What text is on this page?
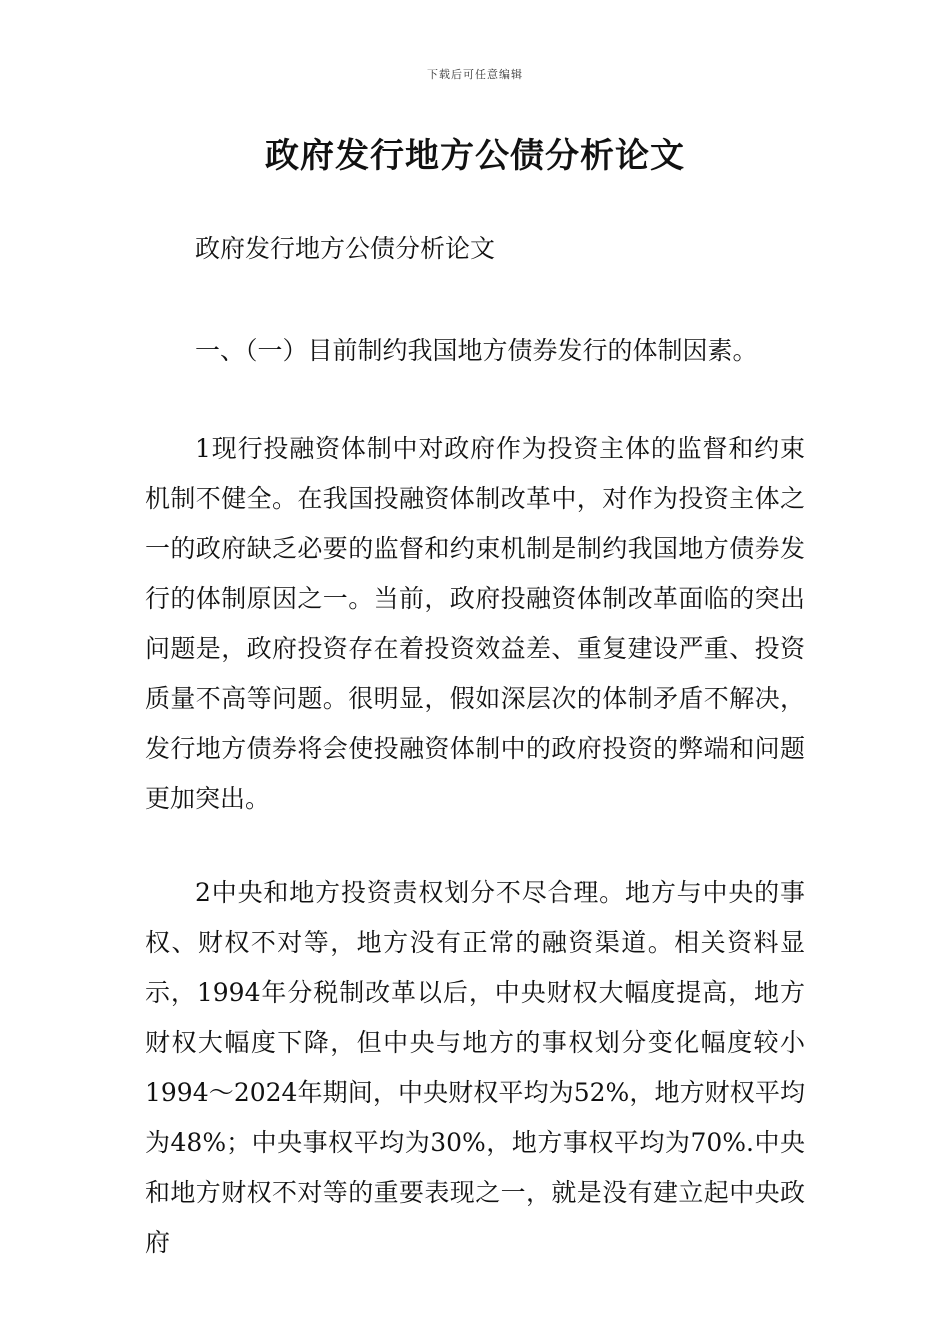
下载后可任意编辑
政府发行地方公债分析论文
政府发行地方公债分析论文
一、（一）目前制约我国地方债券发行的体制因素。
1现行投融资体制中对政府作为投资主体的监督和约束机制不健全。在我国投融资体制改革中，对作为投资主体之一的政府缺乏必要的监督和约束机制是制约我国地方债券发行的体制原因之一。当前，政府投融资体制改革面临的突出问题是，政府投资存在着投资效益差、重复建设严重、投资质量不高等问题。很明显，假如深层次的体制矛盾不解决，发行地方债券将会使投融资体制中的政府投资的弊端和问题更加突出。
2中央和地方投资责权划分不尽合理。地方与中央的事权、财权不对等，地方没有正常的融资渠道。相关资料显示，1994年分税制改革以后，中央财权大幅度提高，地方财权大幅度下降，但中央与地方的事权划分变化幅度较小1994～2024年期间，中央财权平均为52%，地方财权平均为48%；中央事权平均为30%，地方事权平均为70%.中央和地方财权不对等的重要表现之一，就是没有建立起中央政府
